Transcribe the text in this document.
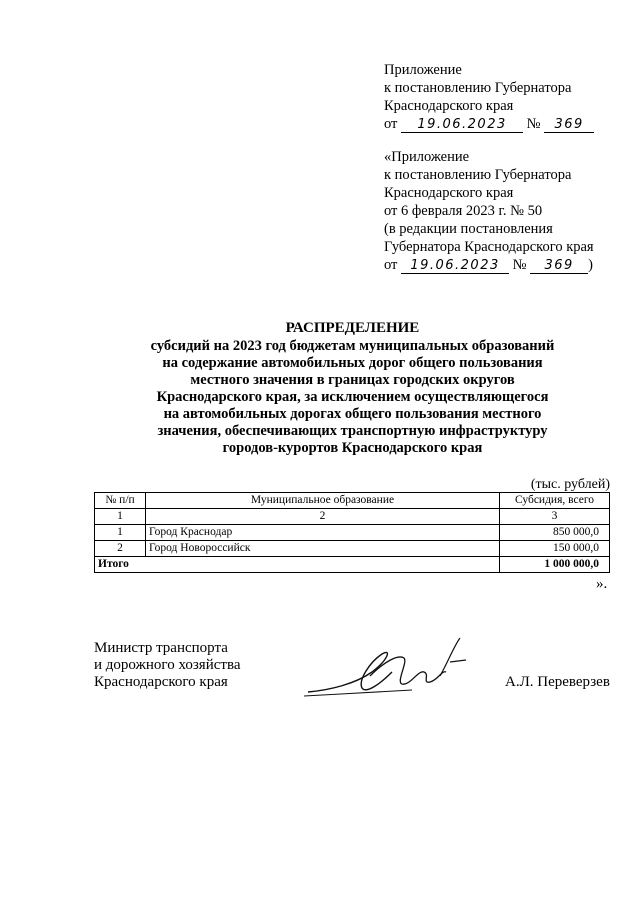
Приложение
к постановлению Губернатора
Краснодарского края
от 19.06.2023 № 369
«Приложение
к постановлению Губернатора
Краснодарского края
от 6 февраля 2023 г. № 50
(в редакции постановления
Губернатора Краснодарского края
от 19.06.2023 № 369 )
РАСПРЕДЕЛЕНИЕ
субсидий на 2023 год бюджетам муниципальных образований
на содержание автомобильных дорог общего пользования
местного значения в границах городских округов
Краснодарского края, за исключением осуществляющегося
на автомобильных дорогах общего пользования местного
значения, обеспечивающих транспортную инфраструктуру
городов-курортов Краснодарского края
(тыс. рублей)
№ п/п	Муниципальное образование	Субсидия, всего
1	2	3
1	Город Краснодар	850 000,0
2	Город Новороссийск	150 000,0
Итого		1 000 000,0
».
Министр транспорта
и дорожного хозяйства
Краснодарского края	А.Л. Переверзев
